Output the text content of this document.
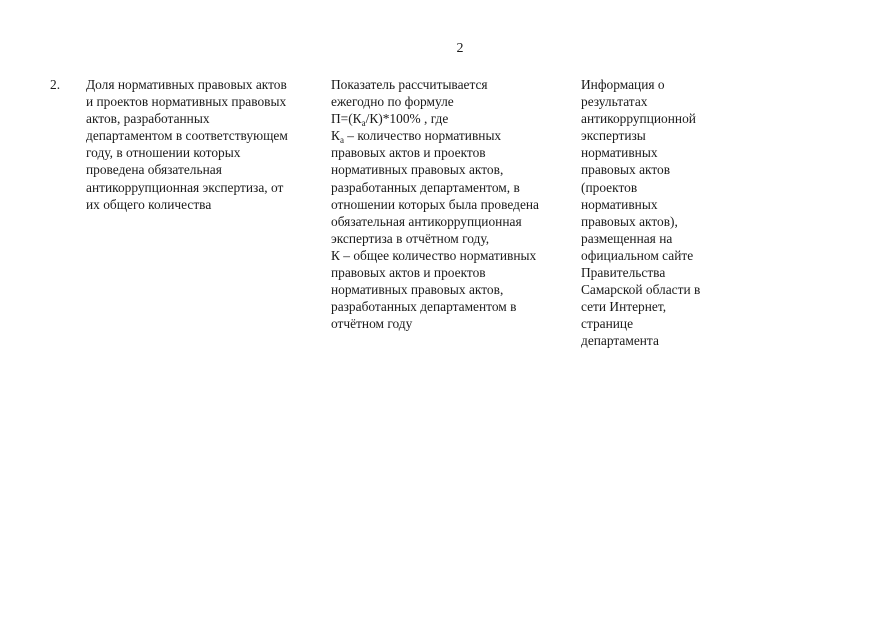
2
2.	Доля нормативных правовых актов
и проектов нормативных правовых
актов, разработанных
департаментом в соответствующем
году, в отношении которых
проведена обязательная
антикоррупционная экспертиза, от
их общего количества
Показатель рассчитывается
ежегодно по формуле
$П=(К_а/К)*100\%$ , где
$К_а$ – количество нормативных
правовых актов и проектов
нормативных правовых актов,
разработанных департаментом, в
отношении которых была проведена
обязательная антикоррупционная
экспертиза в отчётном году,
К – общее количество нормативных
правовых актов и проектов
нормативных правовых актов,
разработанных департаментом в
отчётном году
Информация о
результатах
антикоррупционной
экспертизы
нормативных
правовых актов
(проектов
нормативных
правовых актов),
размещенная на
официальном сайте
Правительства
Самарской области в
сети Интернет,
странице
департамента
